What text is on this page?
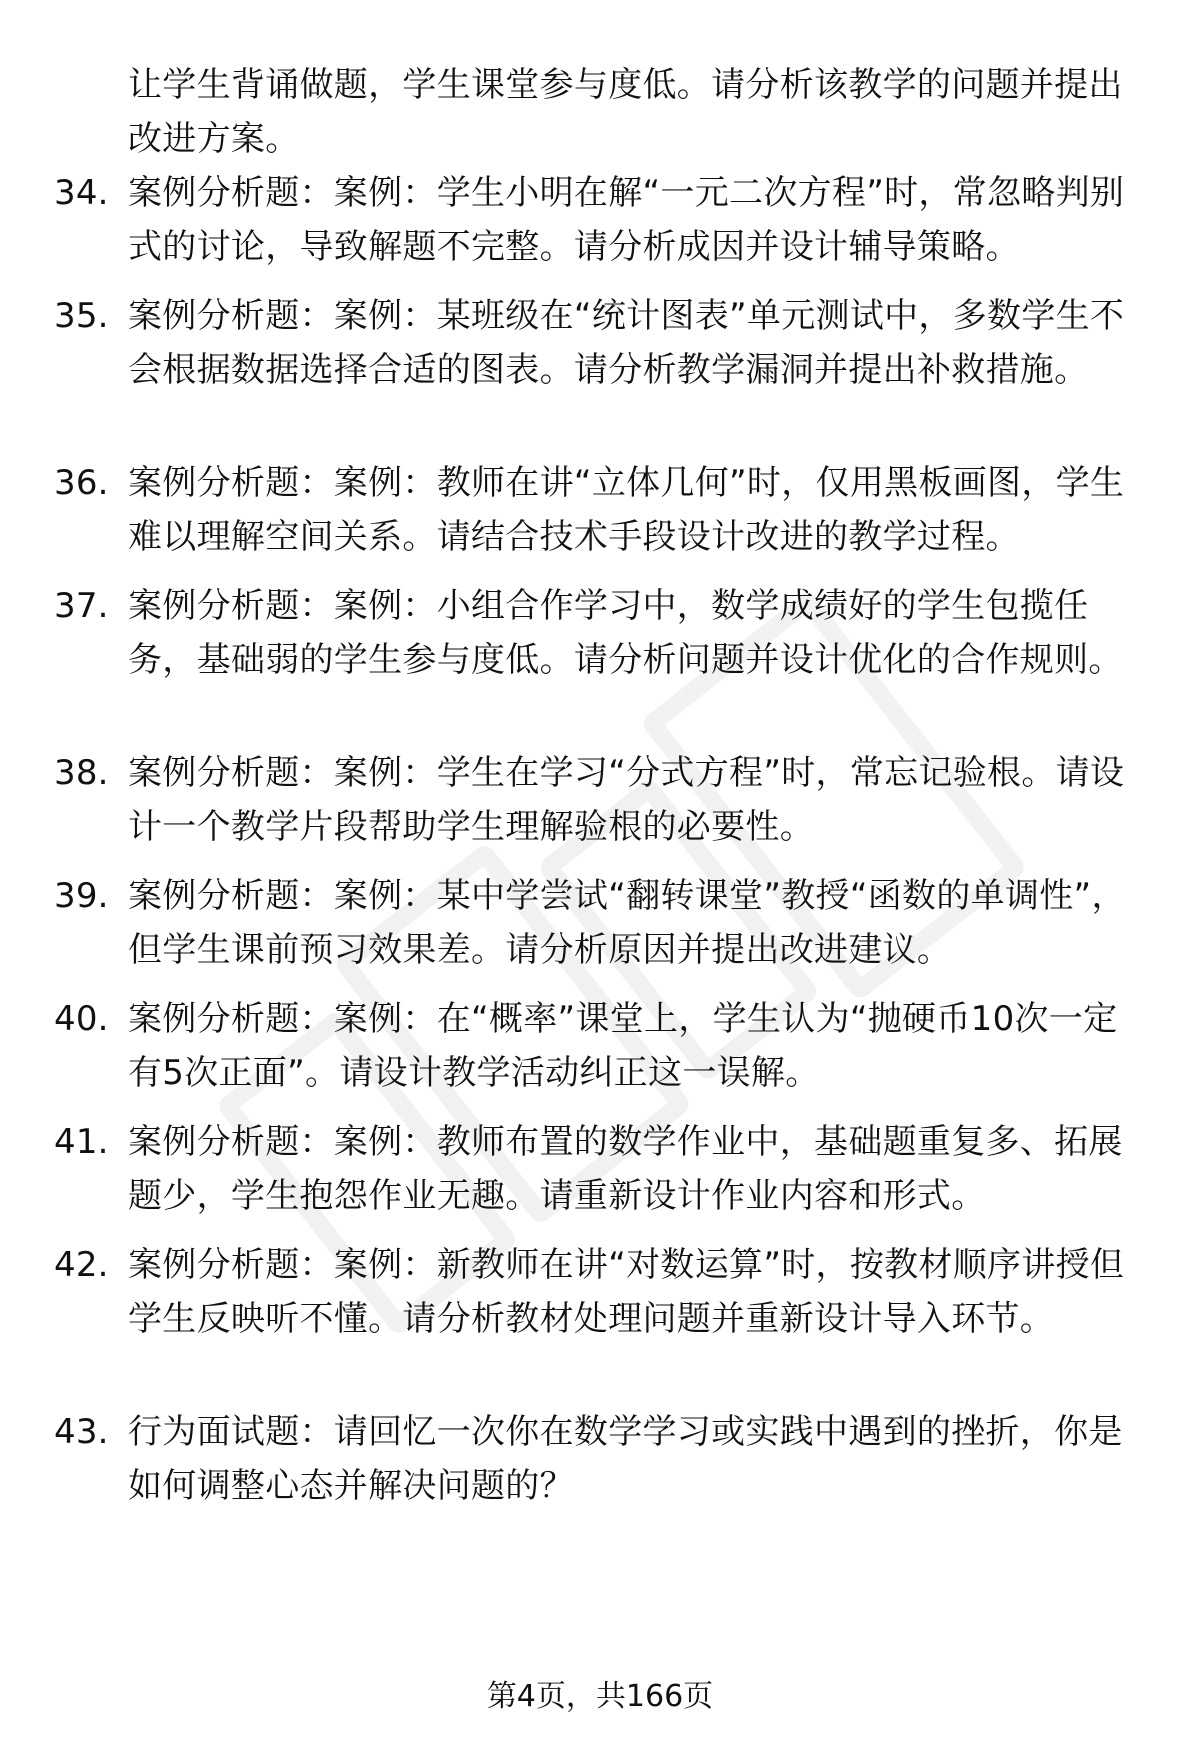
让学生背诵做题，学生课堂参与度低。请分析该教学的问题并提出改进方案。
34. 案例分析题：案例：学生小明在解“一元二次方程”时，常忽略判别式的讨论，导致解题不完整。请分析成因并设计辅导策略。
35. 案例分析题：案例：某班级在“统计图表”单元测试中，多数学生不会根据数据选择合适的图表。请分析教学漏洞并提出补救措施。
36. 案例分析题：案例：教师在讲“立体几何”时，仅用黑板画图，学生难以理解空间关系。请结合技术手段设计改进的教学过程。
37. 案例分析题：案例：小组合作学习中，数学成绩好的学生包揽任务，基础弱的学生参与度低。请分析问题并设计优化的合作规则。
38. 案例分析题：案例：学生在学习“分式方程”时，常忘记验根。请设计一个教学片段帮助学生理解验根的必要性。
39. 案例分析题：案例：某中学尝试“翻转课堂”教授“函数的单调性”，但学生课前预习效果差。请分析原因并提出改进建议。
40. 案例分析题：案例：在“概率”课堂上，学生认为“抛硬币10次一定有5次正面”。请设计教学活动纠正这一误解。
41. 案例分析题：案例：教师布置的数学作业中，基础题重复多、拓展题少，学生抱怨作业无趣。请重新设计作业内容和形式。
42. 案例分析题：案例：新教师在讲“对数运算”时，按教材顺序讲授但学生反映听不懂。请分析教材处理问题并重新设计导入环节。
43. 行为面试题：请回忆一次你在数学学习或实践中遇到的挫折，你是如何调整心态并解决问题的？
第4页，共166页
